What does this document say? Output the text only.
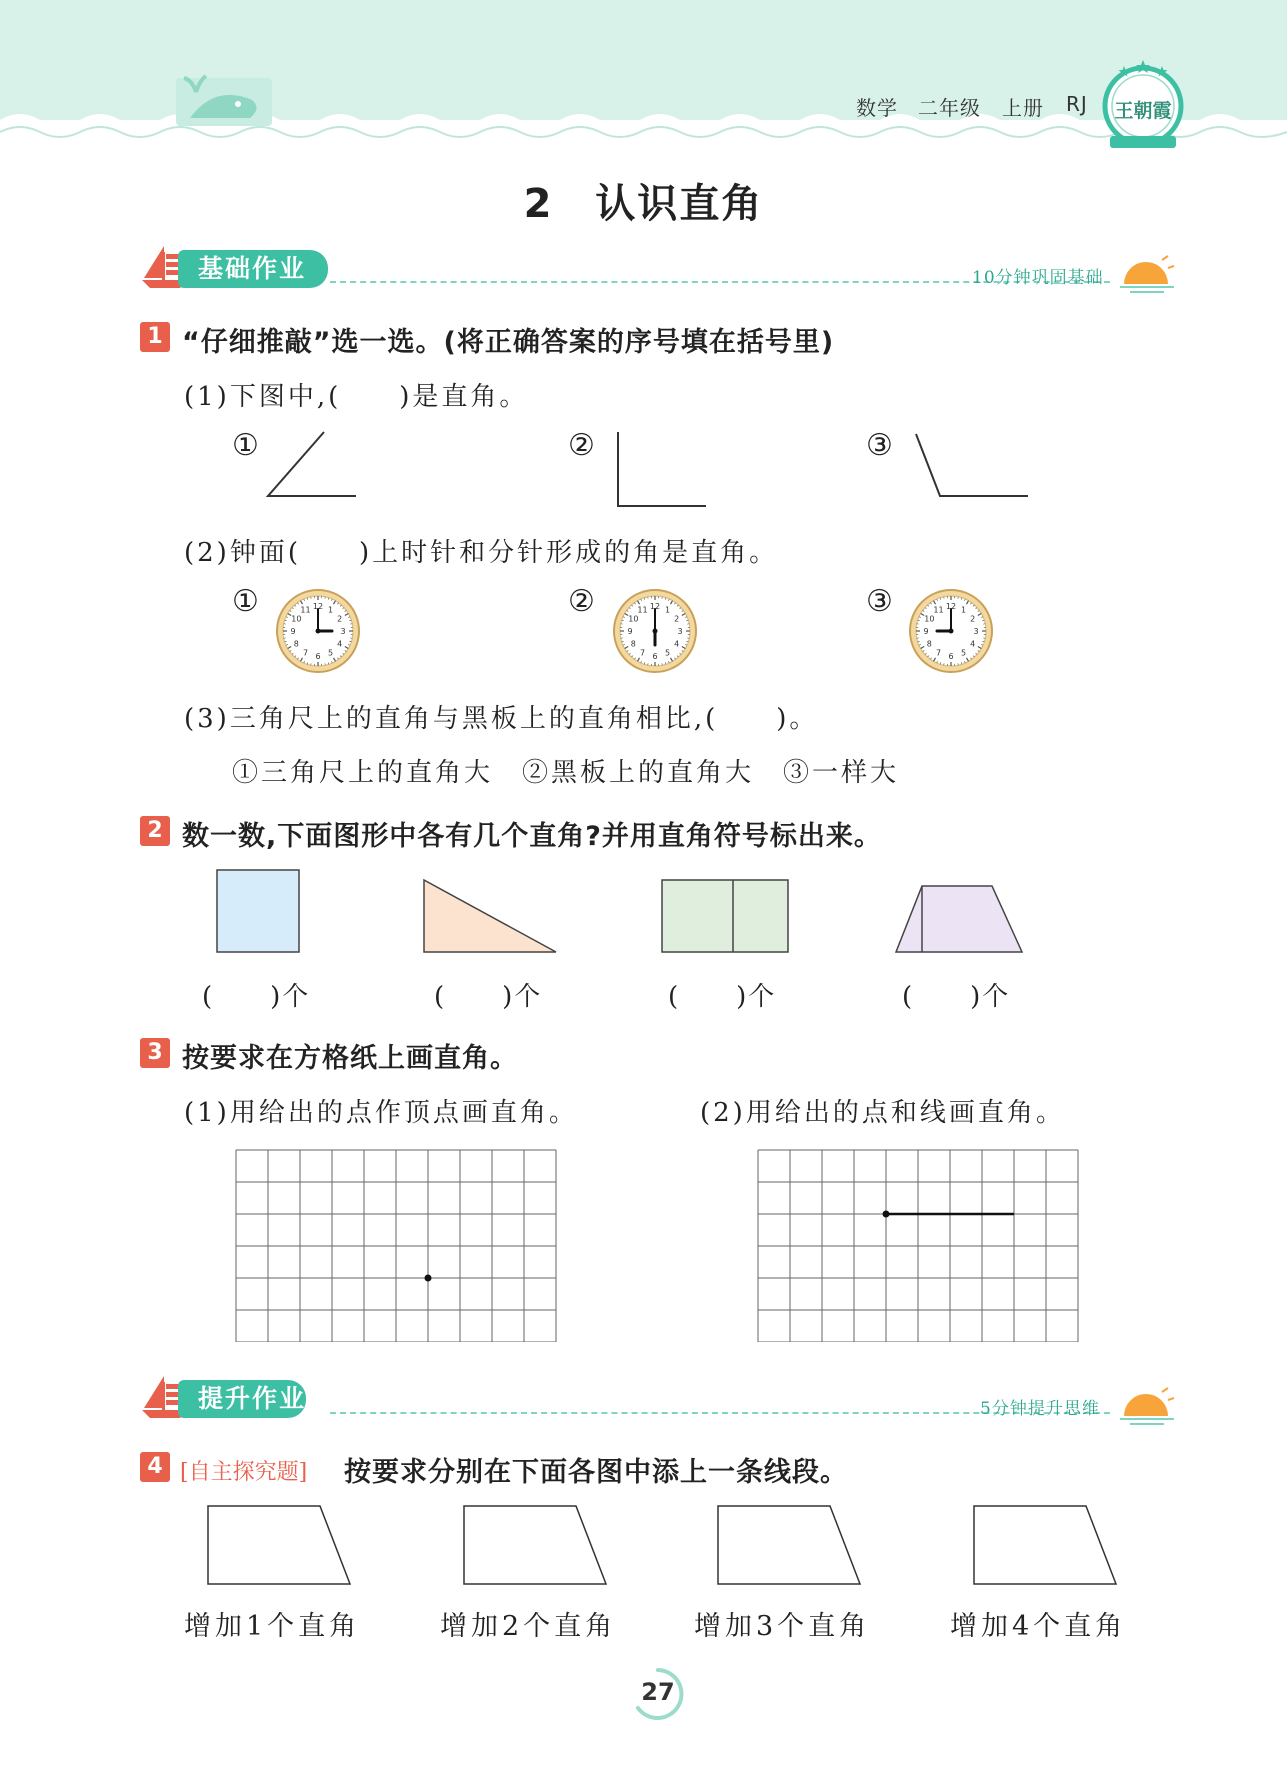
数学 二年级 上册 RJ 王朝霞
2　认识直角
基础作业	10分钟巩固基础
1 “仔细推敲”选一选。(将正确答案的序号填在括号里)
(1)下图中,(　　)是直角。
①	②	③
(2)钟面(　　)上时针和分针形成的角是直角。
①	②	③
1
2
3
4
5
6
7
8
9
10
11 12	1
2
3
4
5
6
7
8
9
10
11 12	1
2
3
4
5
6
7
8
9
10
11 12
(3)三角尺上的直角与黑板上的直角相比,(　　)。
①三角尺上的直角大　②黑板上的直角大　③一样大
2 数一数,下面图形中各有几个直角?并用直角符号标出来。
(　　)个	(　　)个	(　　)个	(　　)个
3 按要求在方格纸上画直角。
(1)用给出的点作顶点画直角。	(2)用给出的点和线画直角。
提升作业	5分钟提升思维
4 [自主探究题] 按要求分别在下面各图中添上一条线段。
增加1个直角	增加2个直角	增加3个直角	增加4个直角
27
